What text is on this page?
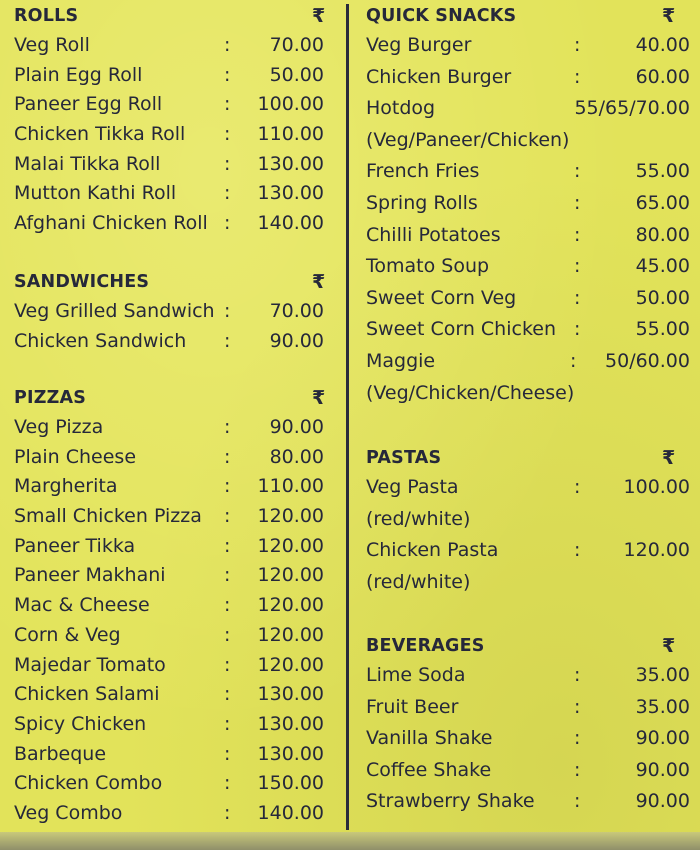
ROLLS	₹
Veg Roll	: 70.00
Plain Egg Roll	: 50.00
Paneer Egg Roll	: 100.00
Chicken Tikka Roll : 110.00
Malai Tikka Roll	: 130.00
Mutton Kathi Roll	: 130.00
Afghani Chicken Roll : 140.00
SANDWICHES	₹
Veg Grilled Sandwich : 70.00
Chicken Sandwich : 90.00
PIZZAS	₹
Veg Pizza	: 90.00
Plain Cheese	: 80.00
Margherita	: 110.00
Small Chicken Pizza : 120.00
Paneer Tikka	: 120.00
Paneer Makhani	: 120.00
Mac & Cheese	: 120.00
Corn & Veg	: 120.00
Majedar Tomato	: 120.00
Chicken Salami	: 130.00
Spicy Chicken	: 130.00
Barbeque	: 130.00
Chicken Combo	: 150.00
Veg Combo	: 140.00
QUICK SNACKS	₹
Veg Burger	:	40.00
Chicken Burger	:	60.00
Hotdog	55/65/70.00
(Veg/Paneer/Chicken)
French Fries	:	55.00
Spring Rolls	:	65.00
Chilli Potatoes	:	80.00
Tomato Soup	:	45.00
Sweet Corn Veg	:	50.00
Sweet Corn Chicken :	55.00
Maggie	: 50/60.00
(Veg/Chicken/Cheese)
PASTAS	₹
Veg Pasta	: 100.00
(red/white)
Chicken Pasta	: 120.00
(red/white)
BEVERAGES	₹
Lime Soda	:	35.00
Fruit Beer	:	35.00
Vanilla Shake	:	90.00
Coffee Shake	:	90.00
Strawberry Shake :	90.00
